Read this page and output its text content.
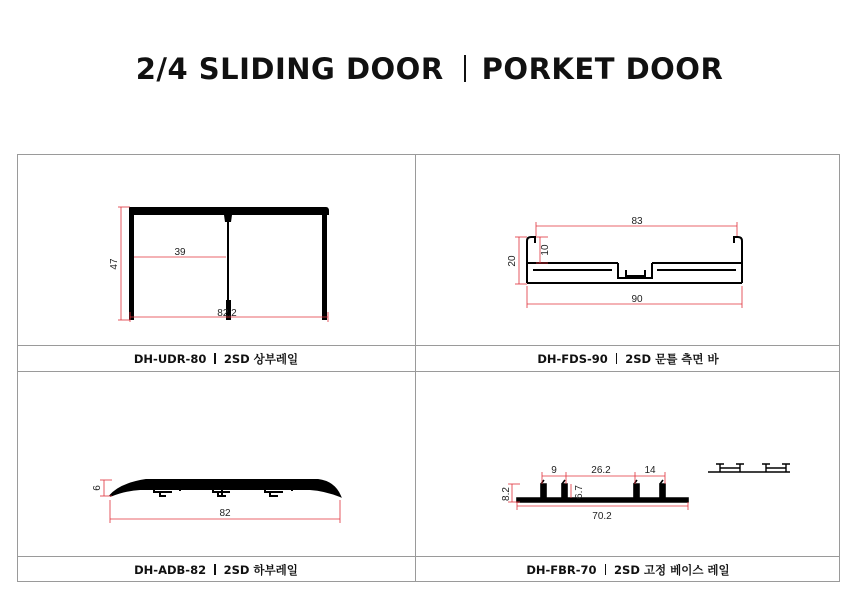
2/4 SLIDING DOOR PORKET DOOR
DH-UDR-80 2SD 상부레일	DH-FDS-90 2SD 문틀 측면 바
DH-ADB-82 2SD 하부레일	DH-FBR-70 2SD 고정 베이스 레일
47
39
82.2
83
10
20
90
6
82
9	26.2	14
8.2	6.7
70.2
